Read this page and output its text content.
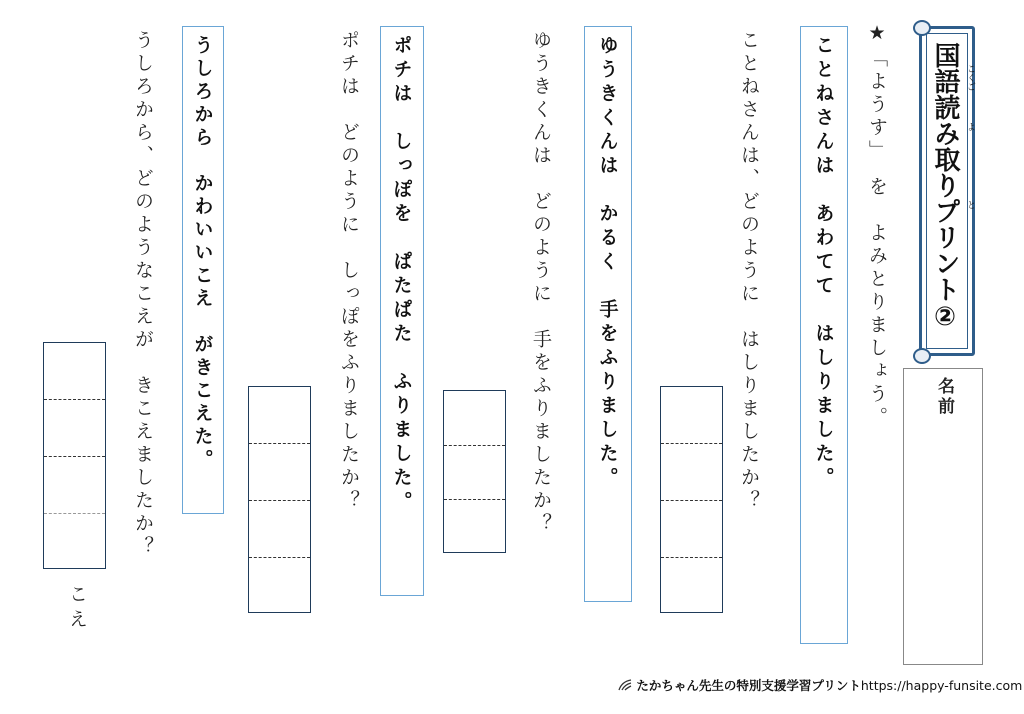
国語読み取りプリント② こくご
よ
と
名前
★「ようす」　を　よみとりましょう。
ことねさんは　あわてて　はしりました。
ことねさんは、どのように　はしりましたか？
ゆうきくんは　かるく　手をふりました。
ゆうきくんは　どのように　手をふりましたか？
ポチは　しっぽを　ぱたぱた　ふりました。
ポチは　どのように　しっぽをふりましたか？
うしろから　かわいいこえ　がきこえた。
うしろから、どのようなこえが　きこえましたか？
こえ
たかちゃん先生の特別支援学習プリントhttps://happy-funsite.com
